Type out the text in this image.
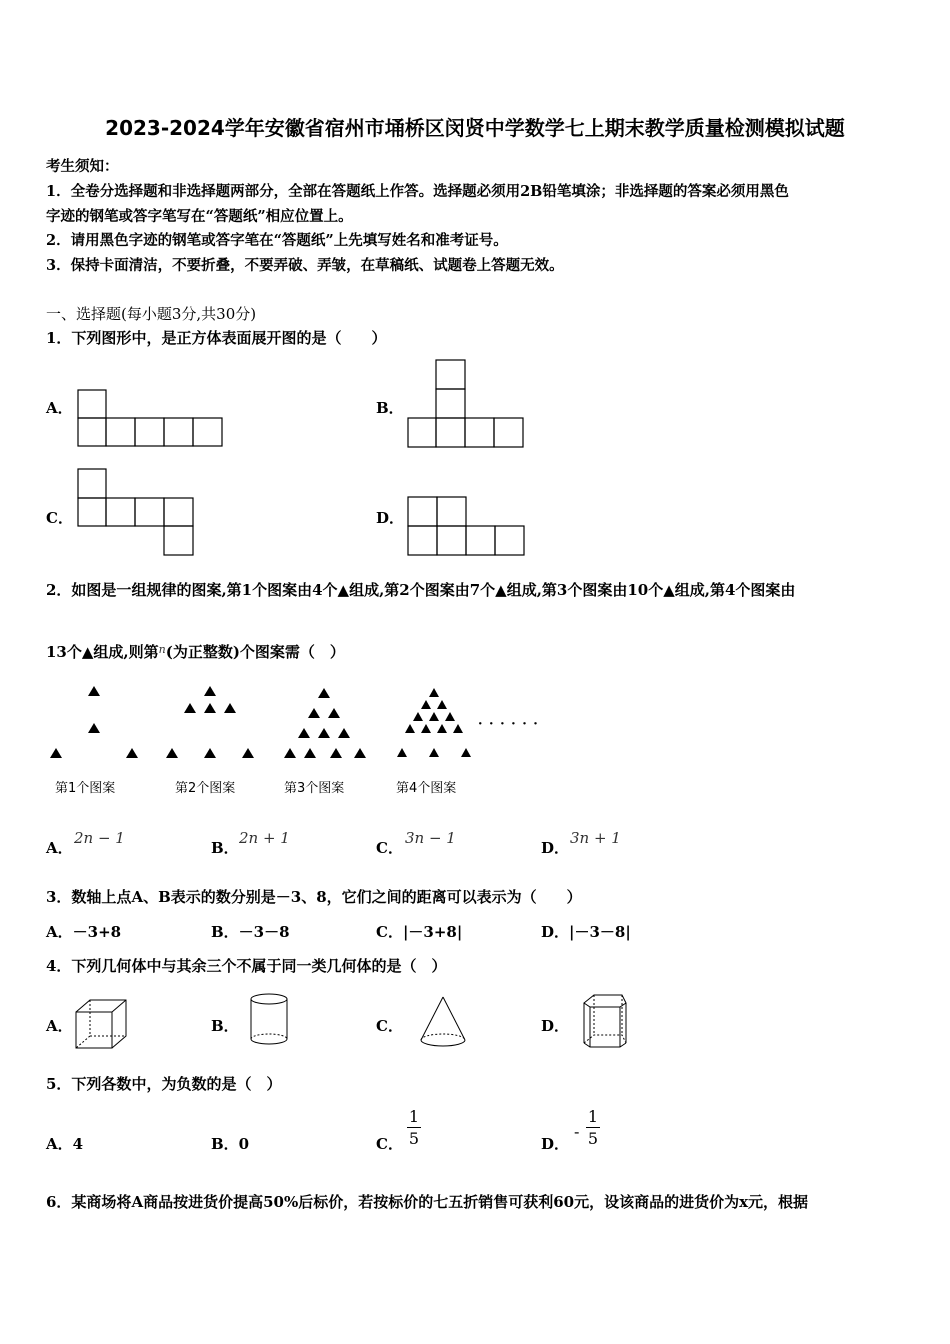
2023-2024学年安徽省宿州市埇桥区闵贤中学数学七上期末教学质量检测模拟试题
考生须知：
1．全卷分选择题和非选择题两部分，全部在答题纸上作答。选择题必须用2B铅笔填涂；非选择题的答案必须用黑色
字迹的钢笔或答字笔写在“答题纸”相应位置上。
2．请用黑色字迹的钢笔或答字笔在“答题纸”上先填写姓名和准考证号。
3．保持卡面清洁，不要折叠，不要弄破、弄皱，在草稿纸、试题卷上答题无效。
一、选择题(每小题3分,共30分)
1．下列图形中，是正方体表面展开图的是（　　）
A．	B．
C．	D．
2．如图是一组规律的图案,第1个图案由4个▲组成,第2个图案由7个▲组成,第3个图案由10个▲组成,第4个图案由
13个▲组成,则第$^n$(为正整数)个图案需（　）
· · · · · ·
第1个图案	第2个图案	第3个图案	第4个图案
A．
2n − 1
B．
2n + 1
C．
3n − 1
D．
3n + 1
3．数轴上点A、B表示的数分别是－3、8，它们之间的距离可以表示为（　　）
A．－3+8	B．－3－8	C．|－3+8|	D．|－3－8|
4．下列几何体中与其余三个不属于同一类几何体的是（　）
A．	B．	C．	D．
5．下列各数中，为负数的是（　）
A．4	B．0	C．
1
5	D．
-
1
5
6．某商场将A商品按进货价提高50%后标价，若按标价的七五折销售可获利60元，设该商品的进货价为x元，根据
